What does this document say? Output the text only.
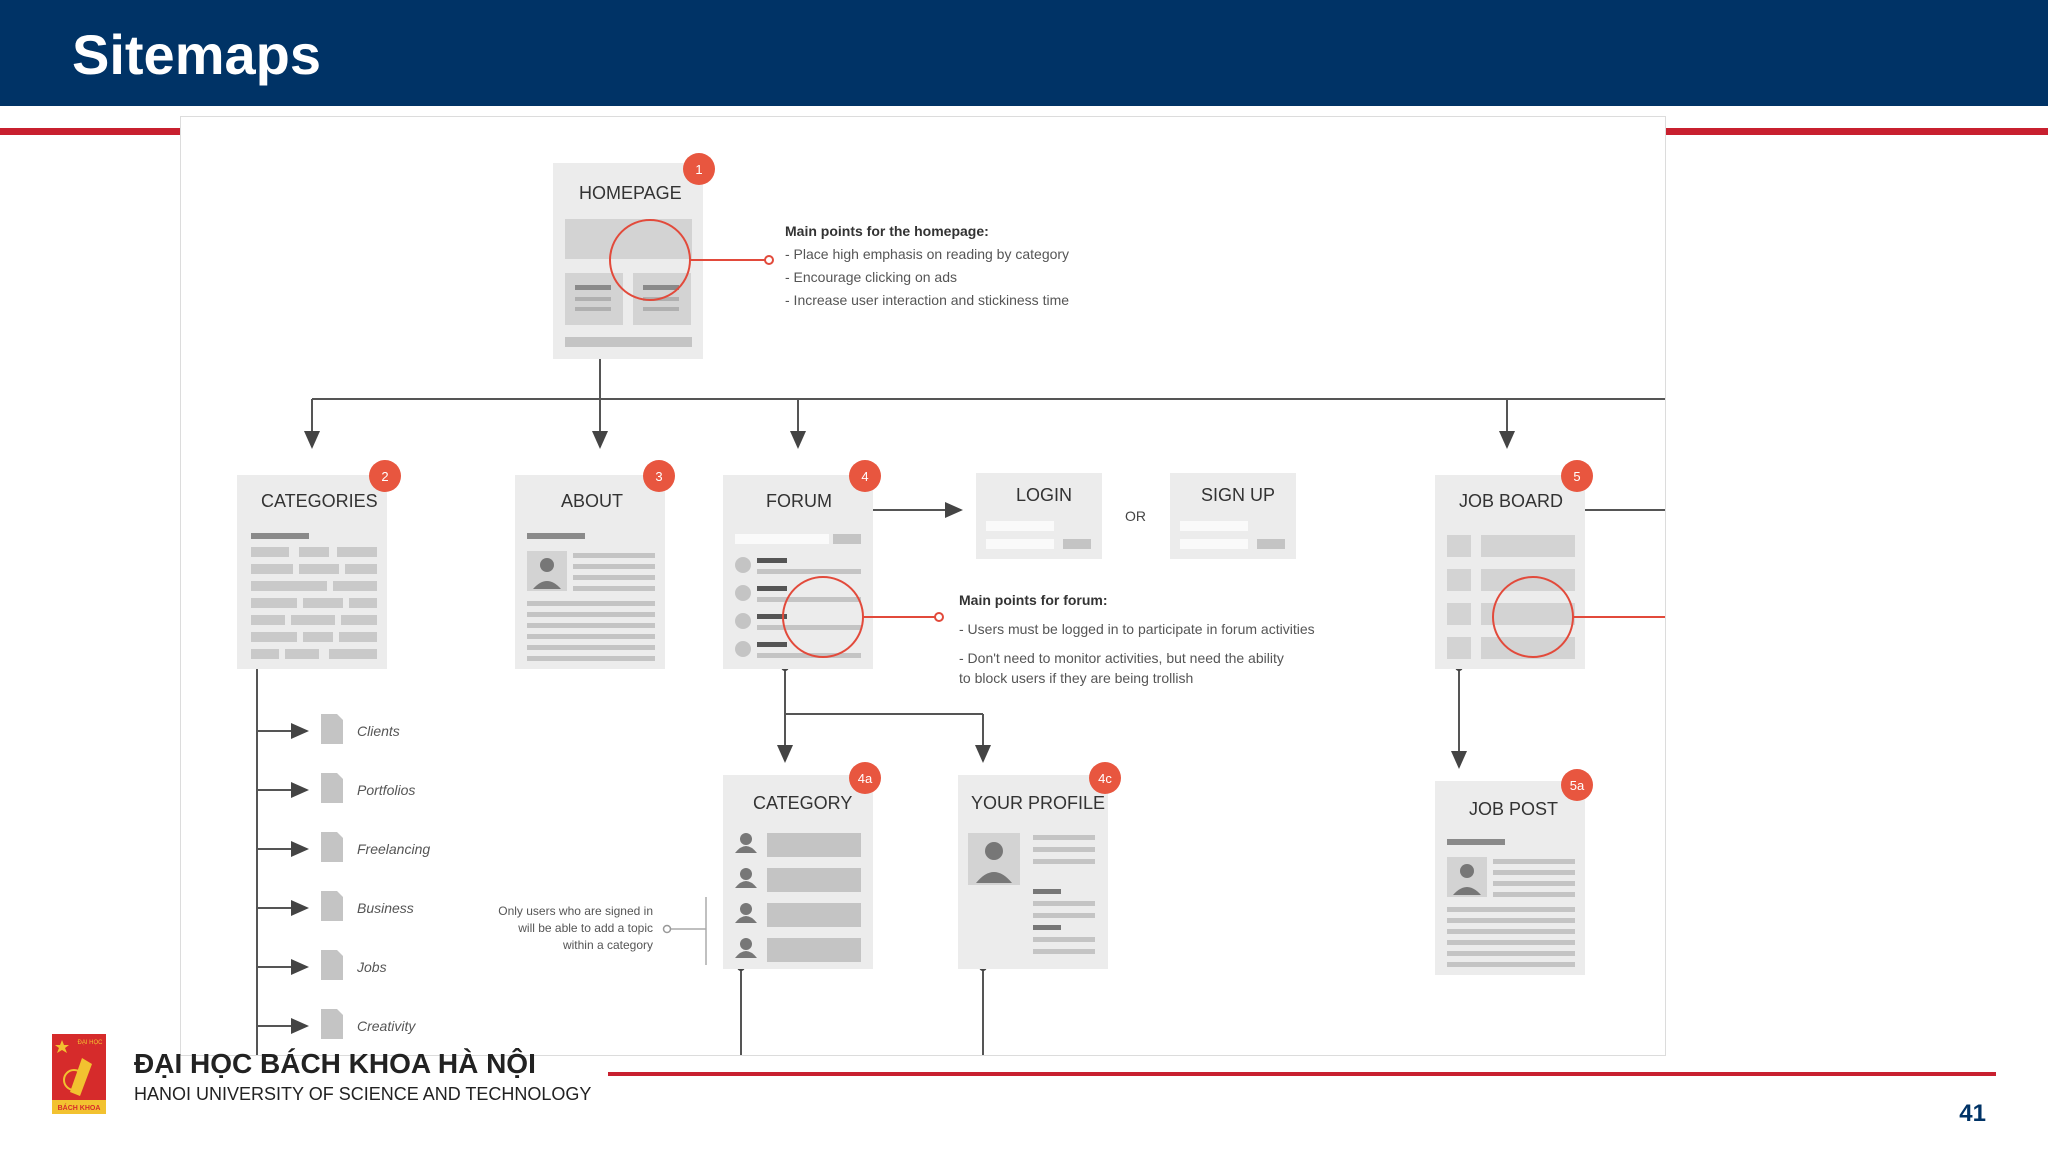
Sitemaps
HOMEPAGE
1
Main points for the homepage:
- Place high emphasis on reading by category
- Encourage clicking on ads
- Increase user interaction and stickiness time
CATEGORIES
2
ABOUT
3
FORUM
4
LOGIN
OR
SIGN UP
Main points for forum:
- Users must be logged in to participate in forum activities
- Don't need to monitor activities, but need the ability
to block users if they are being trollish
JOB BOARD
5
Clients
Portfolios
Freelancing
Business
Jobs
Creativity
Only users who are signed in
will be able to add a topic
within a category
CATEGORY
4a
YOUR PROFILE
4c
JOB POST
5a
ĐẠI HỌC
BÁCH KHOA
ĐẠI HỌC BÁCH KHOA HÀ NỘI
HANOI UNIVERSITY OF SCIENCE AND TECHNOLOGY
41
